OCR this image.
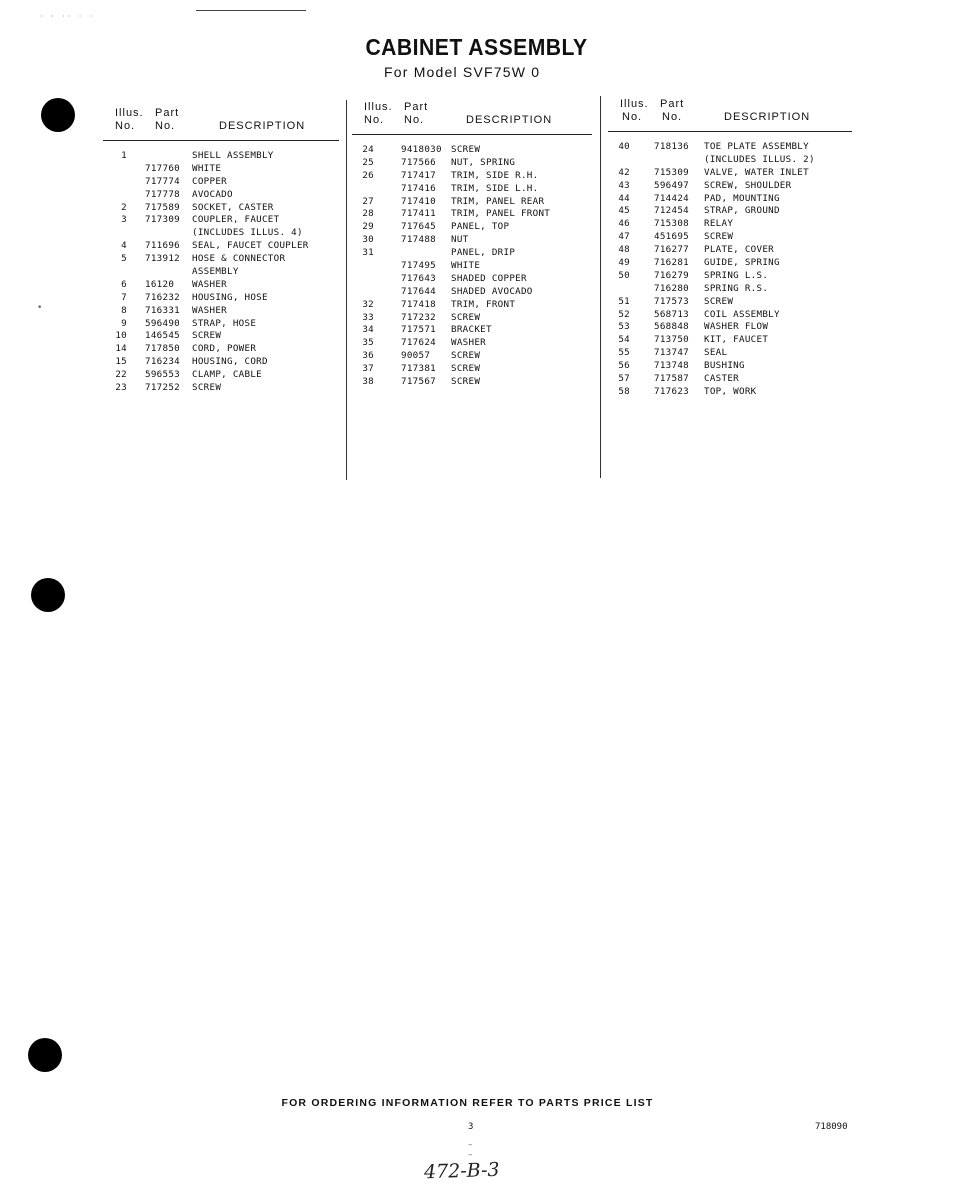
· · ·· · ·
•
CABINET ASSEMBLY
For Model SVF75W 0
Illus. Part
No. No.	DESCRIPTION
1	SHELL ASSEMBLY
717760 WHITE
717774 COPPER
717778 AVOCADO
2 717589 SOCKET, CASTER
3 717309 COUPLER, FAUCET
(INCLUDES ILLUS. 4)
4 711696 SEAL, FAUCET COUPLER
5 713912 HOSE & CONNECTOR
ASSEMBLY
6 16120 WASHER
7 716232 HOUSING, HOSE
8 716331 WASHER
9 596490 STRAP, HOSE
10 146545 SCREW
14 717850 CORD, POWER
15 716234 HOUSING, CORD
22 596553 CLAMP, CABLE
23 717252 SCREW
Illus. Part
No. No.	DESCRIPTION
24	9418030 SCREW
25	717566 NUT, SPRING
26	717417 TRIM, SIDE R.H.
717416 TRIM, SIDE L.H.
27	717410 TRIM, PANEL REAR
28	717411 TRIM, PANEL FRONT
29	717645 PANEL, TOP
30	717488 NUT
31	PANEL, DRIP
717495 WHITE
717643 SHADED COPPER
717644 SHADED AVOCADO
32	717418 TRIM, FRONT
33	717232 SCREW
34	717571 BRACKET
35	717624 WASHER
36	90057 SCREW
37	717381 SCREW
38	717567 SCREW
Illus. Part
No. No.	DESCRIPTION
40	718136 TOE PLATE ASSEMBLY
(INCLUDES ILLUS. 2)
42	715309 VALVE, WATER INLET
43	596497 SCREW, SHOULDER
44	714424 PAD, MOUNTING
45	712454 STRAP, GROUND
46	715308 RELAY
47	451695 SCREW
48	716277 PLATE, COVER
49	716281 GUIDE, SPRING
50	716279 SPRING L.S.
716280 SPRING R.S.
51	717573 SCREW
52	568713 COIL ASSEMBLY
53	568848 WASHER FLOW
54	713750 KIT, FAUCET
55	713747 SEAL
56	713748 BUSHING
57	717587 CASTER
58	717623 TOP, WORK
FOR ORDERING INFORMATION REFER TO PARTS PRICE LIST
3	718090
–
–
472-B-3
